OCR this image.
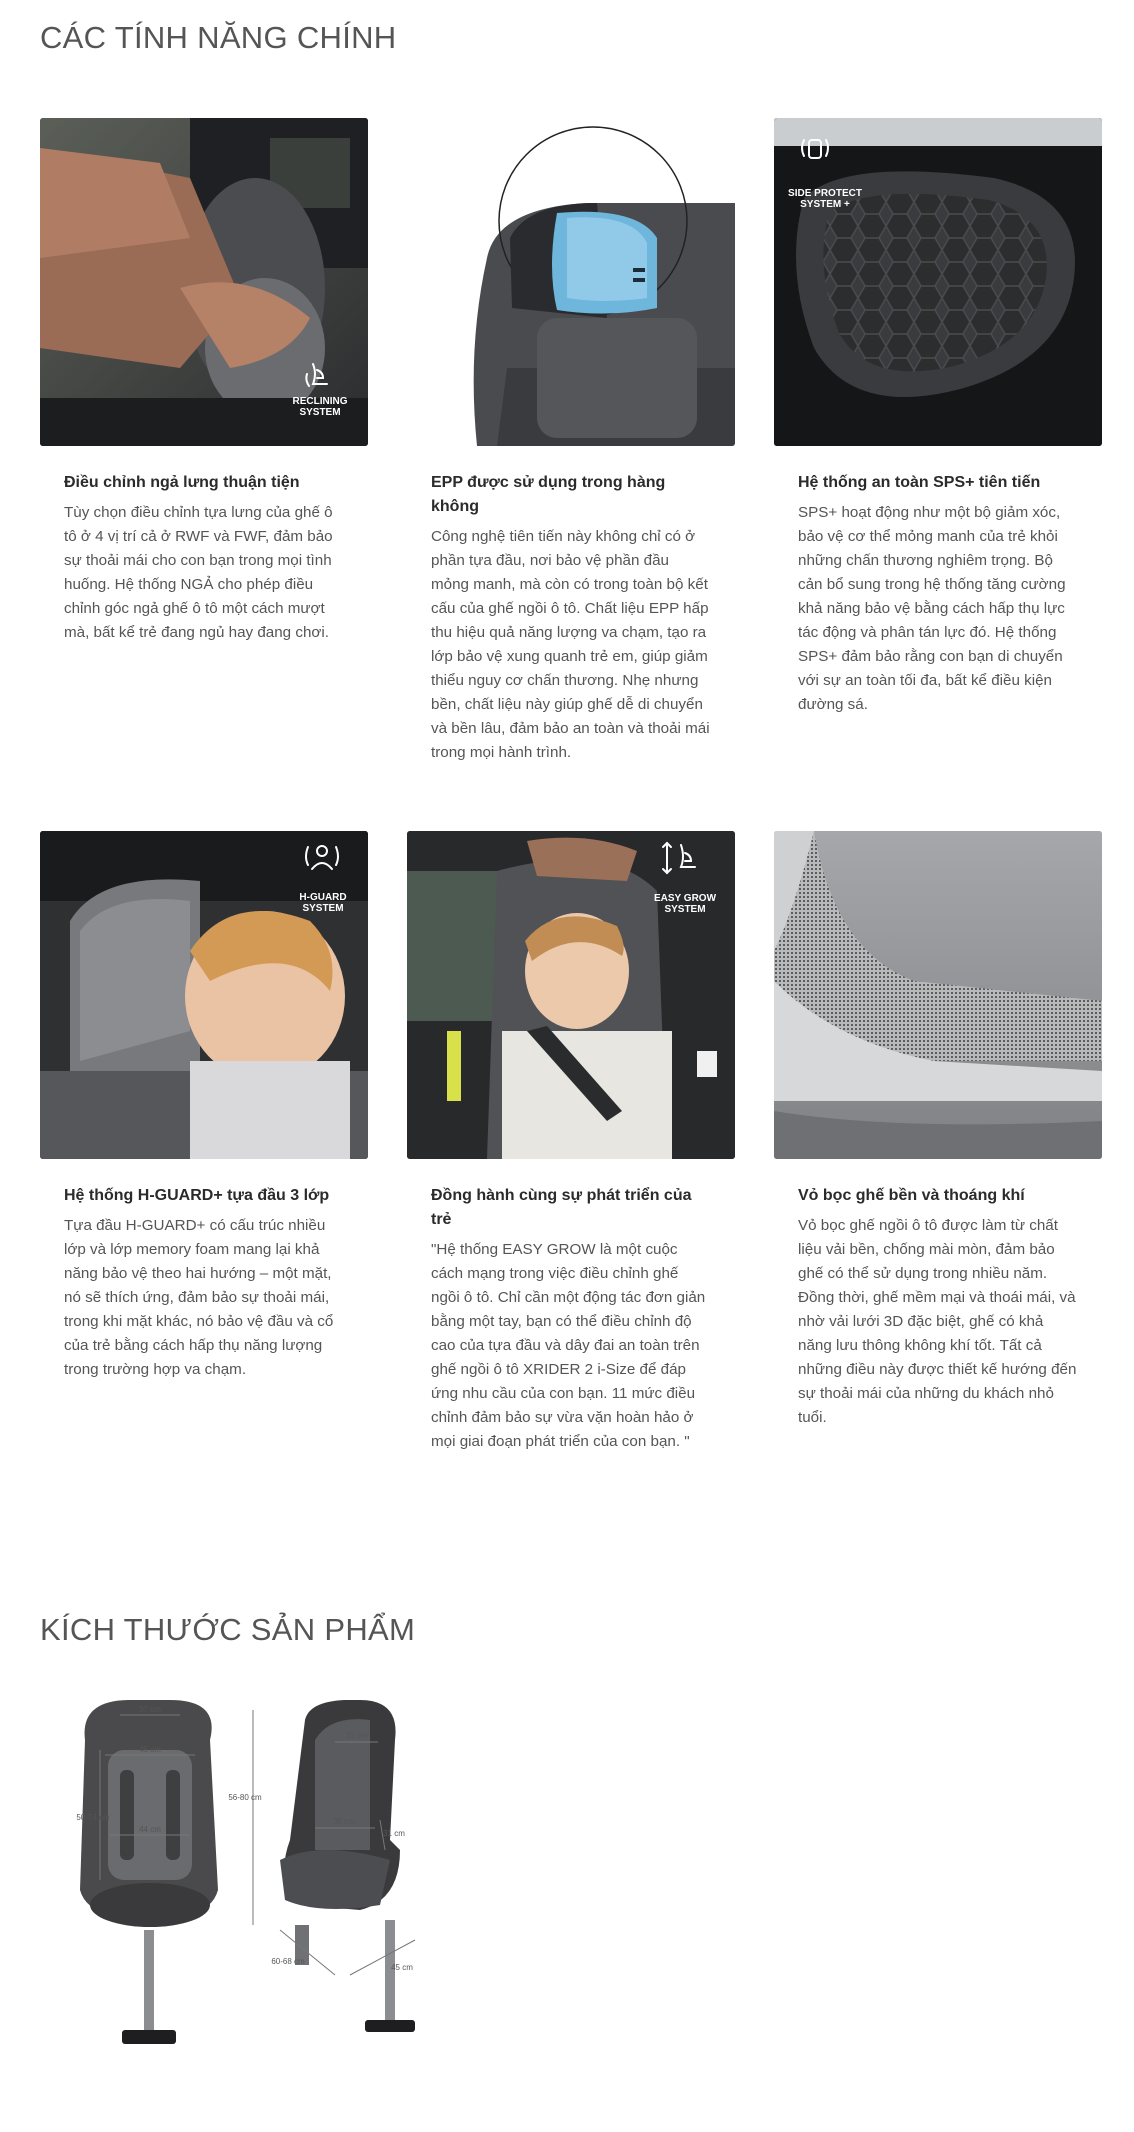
CÁC TÍNH NĂNG CHÍNH
RECLINING
SYSTEM

Điều chỉnh ngả lưng thuận tiện

Tùy chọn điều chỉnh tựa lưng của ghế ô tô ở 4 vị trí cả ở RWF và FWF, đảm bảo sự thoải mái cho con bạn trong mọi tình huống. Hệ thống NGẢ cho phép điều chỉnh góc ngả ghế ô tô một cách mượt mà, bất kể trẻ đang ngủ hay đang chơi.

EPP được sử dụng trong hàng không

Công nghệ tiên tiến này không chỉ có ở phần tựa đầu, nơi bảo vệ phần đầu mỏng manh, mà còn có trong toàn bộ kết cấu của ghế ngồi ô tô. Chất liệu EPP hấp thu hiệu quả năng lượng va chạm, tạo ra lớp bảo vệ xung quanh trẻ em, giúp giảm thiểu nguy cơ chấn thương. Nhẹ nhưng bền, chất liệu này giúp ghế dễ di chuyển và bền lâu, đảm bảo an toàn và thoải mái trong mọi hành trình.

SIDE PROTECT
SYSTEM +

Hệ thống an toàn SPS+ tiên tiến

SPS+ hoạt động như một bộ giảm xóc, bảo vệ cơ thể mỏng manh của trẻ khỏi những chấn thương nghiêm trọng. Bộ cản bổ sung trong hệ thống tăng cường khả năng bảo vệ bằng cách hấp thụ lực tác động và phân tán lực đó. Hệ thống SPS+ đảm bảo rằng con bạn di chuyển với sự an toàn tối đa, bất kể điều kiện đường sá.

H-GUARD
SYSTEM

Hệ thống H-GUARD+ tựa đầu 3 lớp

Tựa đầu H-GUARD+ có cấu trúc nhiều lớp và lớp memory foam mang lại khả năng bảo vệ theo hai hướng – một mặt, nó sẽ thích ứng, đảm bảo sự thoải mái, trong khi mặt khác, nó bảo vệ đầu và cổ của trẻ bằng cách hấp thụ năng lượng trong trường hợp va chạm.

EASY GROW
SYSTEM

Đồng hành cùng sự phát triển của trẻ

"Hệ thống EASY GROW là một cuộc cách mạng trong việc điều chỉnh ghế ngồi ô tô. Chỉ cần một động tác đơn giản bằng một tay, bạn có thể điều chỉnh độ cao của tựa đầu và dây đai an toàn trên ghế ngồi ô tô XRIDER 2 i-Size để đáp ứng nhu cầu của con bạn. 11 mức điều chỉnh đảm bảo sự vừa vặn hoàn hảo ở mọi giai đoạn phát triển của con bạn. "

Vỏ bọc ghế bền và thoáng khí

Vỏ bọc ghế ngồi ô tô được làm từ chất liệu vải bền, chống mài mòn, đảm bảo ghế có thể sử dụng trong nhiều năm. Đồng thời, ghế mềm mại và thoái mái, và nhờ vải lưới 3D đặc biệt, ghế có khả năng lưu thông không khí tốt. Tất cả những điều này được thiết kế hướng đến sự thoải mái của những du khách nhỏ tuổi.

KÍCH THƯỚC SẢN PHẨM
37 cm
45 cm
50-74 cm
44 cm
56-80 cm
22 cm
35 cm
31 cm
60-68 cm
45 cm
